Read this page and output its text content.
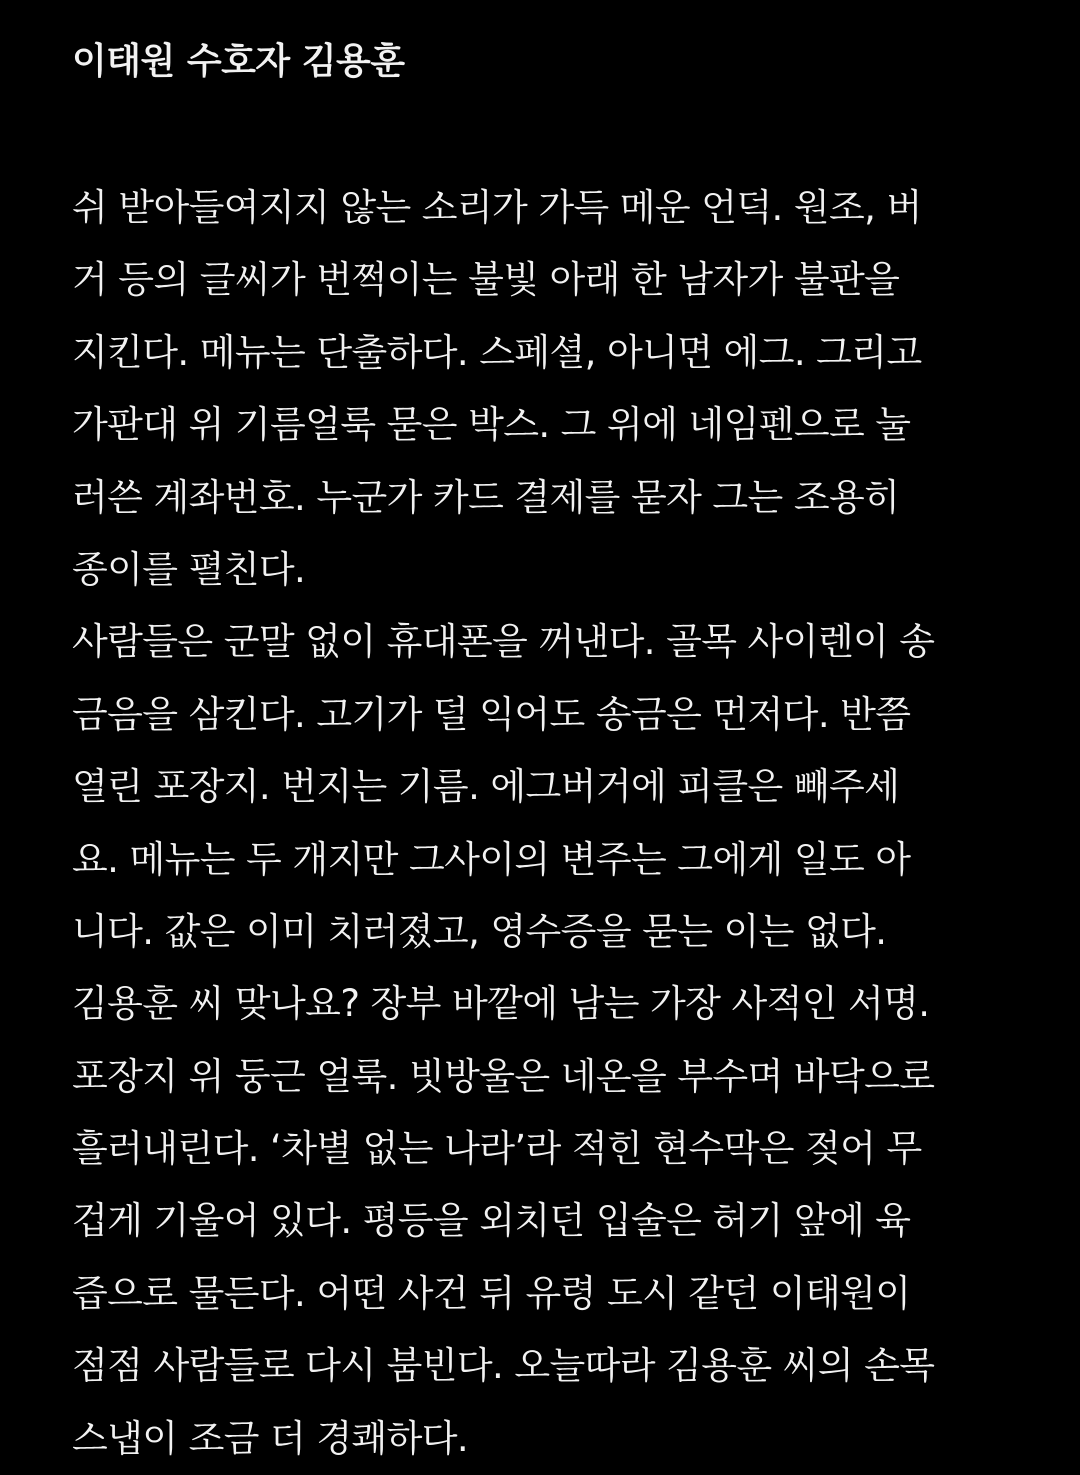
이태원 수호자 김용훈
쉬 받아들여지지 않는 소리가 가득 메운 언덕. 원조, 버
거 등의 글씨가 번쩍이는 불빛 아래 한 남자가 불판을
지킨다. 메뉴는 단출하다. 스페셜, 아니면 에그. 그리고
가판대 위 기름얼룩 묻은 박스. 그 위에 네임펜으로 눌
러쓴 계좌번호. 누군가 카드 결제를 묻자 그는 조용히
종이를 펼친다.
사람들은 군말 없이 휴대폰을 꺼낸다. 골목 사이렌이 송
금음을 삼킨다. 고기가 덜 익어도 송금은 먼저다. 반쯤
열린 포장지. 번지는 기름. 에그버거에 피클은 빼주세
요. 메뉴는 두 개지만 그사이의 변주는 그에게 일도 아
니다. 값은 이미 치러졌고, 영수증을 묻는 이는 없다.
김용훈 씨 맞나요? 장부 바깥에 남는 가장 사적인 서명.
포장지 위 둥근 얼룩. 빗방울은 네온을 부수며 바닥으로
흘러내린다. ‘차별 없는 나라’라 적힌 현수막은 젖어 무
겁게 기울어 있다. 평등을 외치던 입술은 허기 앞에 육
즙으로 물든다. 어떤 사건 뒤 유령 도시 같던 이태원이
점점 사람들로 다시 붐빈다. 오늘따라 김용훈 씨의 손목
스냅이 조금 더 경쾌하다.
